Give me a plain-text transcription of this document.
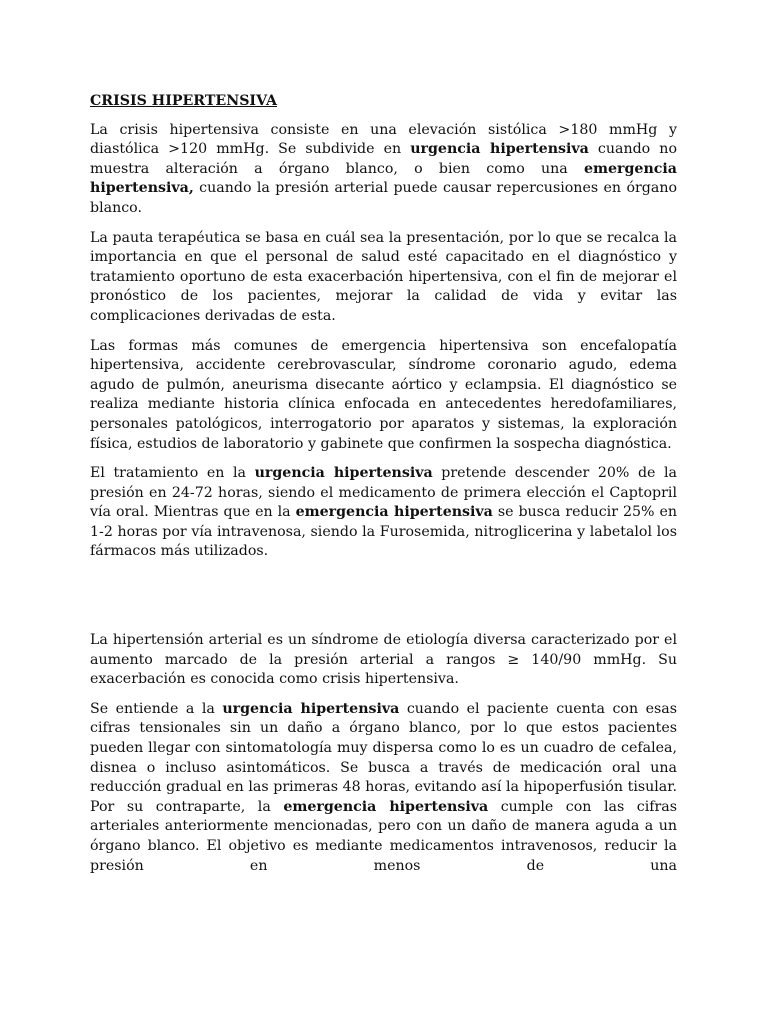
CRISIS HIPERTENSIVA

La crisis hipertensiva consiste en una elevación sistólica >180 mmHg y diastólica >120 mmHg. Se subdivide en urgencia hipertensiva cuando no muestra alteración a órgano blanco, o bien como una emergencia hipertensiva, cuando la presión arterial puede causar repercusiones en órgano blanco.

La pauta terapéutica se basa en cuál sea la presentación, por lo que se recalca la importancia en que el personal de salud esté capacitado en el diagnóstico y tratamiento oportuno de esta exacerbación hipertensiva, con el fin de mejorar el pronóstico de los pacientes, mejorar la calidad de vida y evitar las complicaciones derivadas de esta.

Las formas más comunes de emergencia hipertensiva son encefalopatía hipertensiva, accidente cerebrovascular, síndrome coronario agudo, edema agudo de pulmón, aneurisma disecante aórtico y eclampsia. El diagnóstico se realiza mediante historia clínica enfocada en antecedentes heredofamiliares, personales patológicos, interrogatorio por aparatos y sistemas, la exploración física, estudios de laboratorio y gabinete que confirmen la sospecha diagnóstica.

El tratamiento en la urgencia hipertensiva pretende descender 20% de la presión en 24-72 horas, siendo el medicamento de primera elección el Captopril vía oral. Mientras que en la emergencia hipertensiva se busca reducir 25% en 1-2 horas por vía intravenosa, siendo la Furosemida, nitroglicerina y labetalol los fármacos más utilizados.

La hipertensión arterial es un síndrome de etiología diversa caracterizado por el aumento marcado de la presión arterial a rangos ≥ 140/90 mmHg. Su exacerbación es conocida como crisis hipertensiva.

Se entiende a la urgencia hipertensiva cuando el paciente cuenta con esas cifras tensionales sin un daño a órgano blanco, por lo que estos pacientes pueden llegar con sintomatología muy dispersa como lo es un cuadro de cefalea, disnea o incluso asintomáticos. Se busca a través de medicación oral una reducción gradual en las primeras 48 horas, evitando así la hipoperfusión tisular. Por su contraparte, la emergencia hipertensiva cumple con las cifras arteriales anteriormente mencionadas, pero con un daño de manera aguda a un órgano blanco. El objetivo es mediante medicamentos intravenosos, reducir la presión en menos de una
